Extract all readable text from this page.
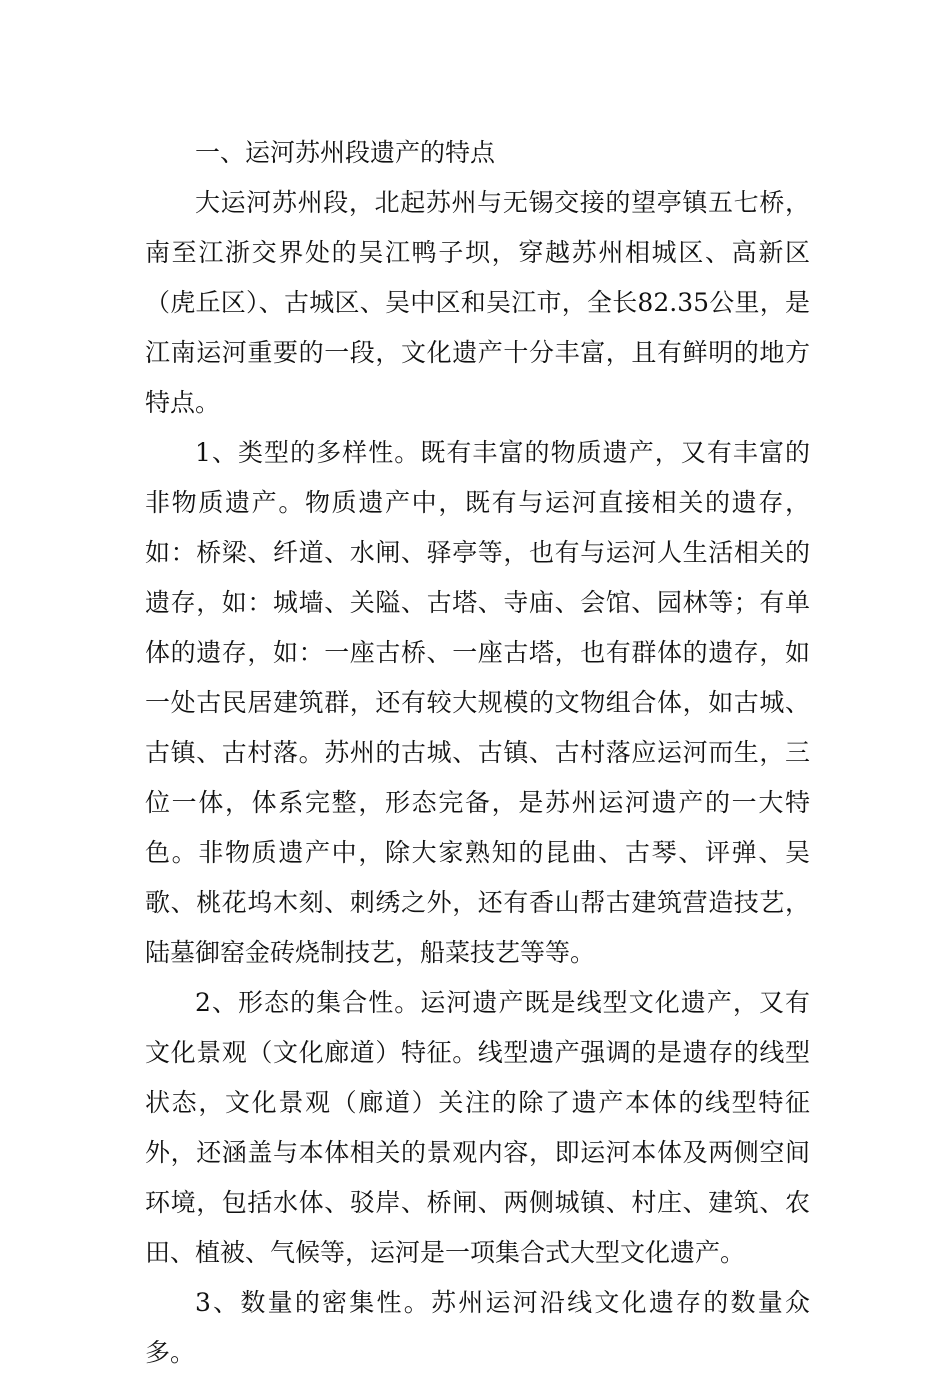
一、运河苏州段遗产的特点

大运河苏州段，北起苏州与无锡交接的望亭镇五七桥，南至江浙交界处的吴江鸭子坝，穿越苏州相城区、高新区（虎丘区）、古城区、吴中区和吴江市，全长82.35公里，是江南运河重要的一段，文化遗产十分丰富，且有鲜明的地方特点。

1、类型的多样性。既有丰富的物质遗产，又有丰富的非物质遗产。物质遗产中，既有与运河直接相关的遗存，如：桥梁、纤道、水闸、驿亭等，也有与运河人生活相关的遗存，如：城墙、关隘、古塔、寺庙、会馆、园林等；有单体的遗存，如：一座古桥、一座古塔，也有群体的遗存，如一处古民居建筑群，还有较大规模的文物组合体，如古城、古镇、古村落。苏州的古城、古镇、古村落应运河而生，三位一体，体系完整，形态完备，是苏州运河遗产的一大特色。非物质遗产中，除大家熟知的昆曲、古琴、评弹、吴歌、桃花坞木刻、刺绣之外，还有香山帮古建筑营造技艺，陆墓御窑金砖烧制技艺，船菜技艺等等。

2、形态的集合性。运河遗产既是线型文化遗产，又有文化景观（文化廊道）特征。线型遗产强调的是遗存的线型状态，文化景观（廊道）关注的除了遗产本体的线型特征外，还涵盖与本体相关的景观内容，即运河本体及两侧空间环境，包括水体、驳岸、桥闸、两侧城镇、村庄、建筑、农田、植被、气候等，运河是一项集合式大型文化遗产。

3、数量的密集性。苏州运河沿线文化遗存的数量众多。
